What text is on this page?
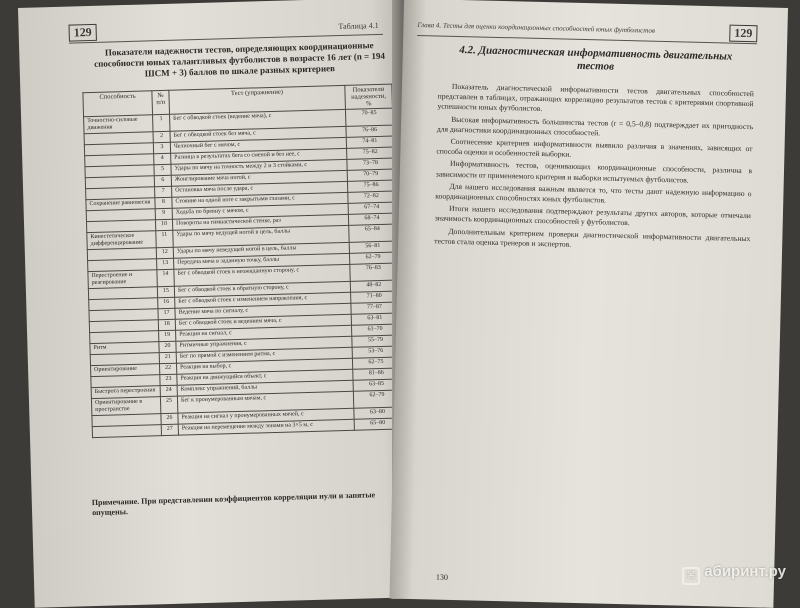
129	Таблица 4.1
Показатели надежности тестов, определяющих координационные способности юных талантливых футболистов в возрасте 16 лет (n = 194 ШСМ + 3) баллов по шкале разных критериев
Способность	№ п/п	Тест (упражнение)	Показатели надежности, %
Точностно-силовые движения	1	Бег с обводкой стоек (ведение мяча), с	70–85
	2	Бег с обводкой стоек без мяча, с	76–86
	3	Челночный бег с мячом, с	74–81
	4	Разница в результатах бега со сменой и без нее, с	75–82
	5	Удары по мячу на точность между 2 и 3 стойками, с	73–78
	6	Жонглирование мяча ногой, с	70–79
	7	Остановка мяча после удара, с	75–86
Сохранение равновесия	8	Стояние на одной ноге с закрытыми глазами, с	72–82
	9	Ходьба по бревну с мячом, с	67–74
	10	Повороты на гимнастической стенке, раз	68–74
Кинестетическое дифференцирование	11	Удары по мячу ведущей ногой в цель, баллы	65–84
	12	Удары по мячу неведущей ногой в цель, баллы	56–81
	13	Передача мяча в заданную точку, баллы	62–79
Перестроение и реагирование	14	Бег с обводкой стоек в неожиданную сторону, с	76–83
	15	Бег с обводкой стоек в обратную сторону, с	48–82
	16	Бег с обводкой стоек с изменением направления, с	71–80
	17	Ведение мяча по сигналу, с	77–87
	18	Бег с обводкой стоек и ведением мяча, с	63–81
	19	Реакция на сигнал, с	61–70
Ритм	20	Ритмичные упражнения, с	55–79
	21	Бег по прямой с изменением ритма, с	53–76
Ориентирование	22	Реакция на выбор, с	62–75
	23	Реакция на движущийся объект, с	81–86
Быстрота перестроения	24	Комплекс упражнений, баллы	63–85
Ориентирование в пространстве	25	Бег к пронумерованным мячам, с	62–79
	26	Реакция на сигнал у пронумерованных мячей, с	63–80
	27	Реакция на перемещение между зонами на 3×5 м, с	65–80
Примечание. При представлении коэффициентов корреляции нули и запятые опущены.
Глава 4. Тесты для оценки координационных способностей юных футболистов	129
4.2. Диагностическая информативность двигательных тестов

Показатель диагностической информативности тестов двигательных способностей представлен в таблицах, отражающих корреляцию результатов тестов с критериями спортивной успешности юных футболистов.

Высокая информативность большинства тестов (r = 0,5–0,8) подтверждает их пригодность для диагностики координационных способностей.

Соотнесение критериев информативности выявило различия в значениях, зависящих от способа оценки и особенностей выборки.

Информативность тестов, оценивающих координационные способности, различна в зависимости от применяемого критерия и выборки испытуемых футболистов.

Для нашего исследования важным является то, что тесты дают надежную информацию о координационных способностях юных футболистов.

Итоги нашего исследования подтверждают результаты других авторов, которые отмечали значимость координационных способностей у футболистов.

Дополнительным критерием проверки диагностической информативности двигательных тестов стала оценка тренеров и экспертов.

130	⌘ абиринт.ру
